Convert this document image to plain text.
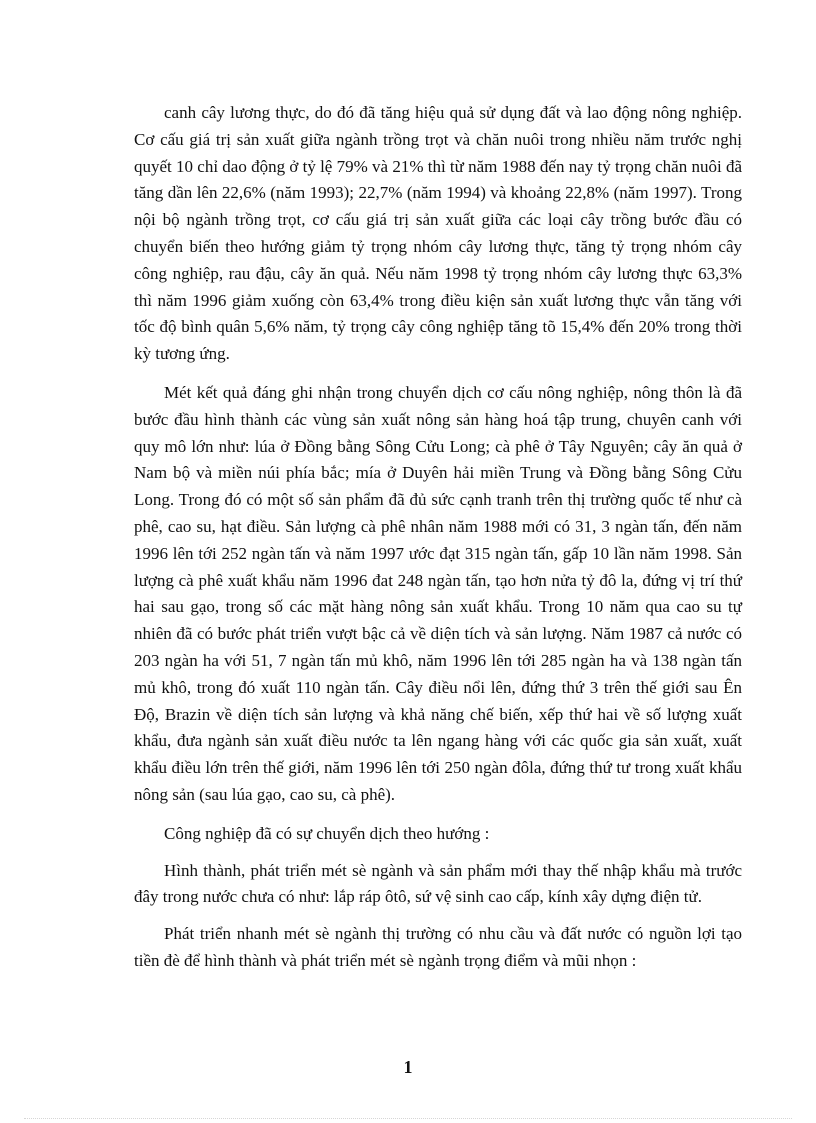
canh cây lương thực, do đó đã tăng hiệu quả sử dụng đất và lao động nông nghiệp. Cơ cấu giá trị sản xuất giữa ngành trồng trọt và chăn nuôi trong nhiều năm trước nghị quyết 10 chỉ dao động ở tỷ lệ 79% và 21% thì từ năm 1988 đến nay tỷ trọng chăn nuôi đã tăng dần lên 22,6% (năm 1993); 22,7% (năm 1994) và khoảng 22,8% (năm 1997). Trong nội bộ ngành trồng trọt, cơ cấu giá trị sản xuất giữa các loại cây trồng bước đầu có chuyển biến theo hướng giảm tỷ trọng nhóm cây lương thực, tăng tỷ trọng nhóm cây công nghiệp, rau đậu, cây ăn quả. Nếu năm 1998 tỷ trọng nhóm cây lương thực 63,3% thì năm 1996 giảm xuống còn 63,4% trong điều kiện sản xuất lương thực vẫn tăng với tốc độ bình quân 5,6% năm, tỷ trọng cây công nghiệp tăng tõ 15,4% đến 20% trong thời kỳ tương ứng.

Mét kết quả đáng ghi nhận trong chuyển dịch cơ cấu nông nghiệp, nông thôn là đã bước đầu hình thành các vùng sản xuất nông sản hàng hoá tập trung, chuyên canh với quy mô lớn như: lúa ở Đồng bằng Sông Cửu Long; cà phê ở Tây Nguyên; cây ăn quả ở Nam bộ và miền núi phía bắc; mía ở Duyên hải miền Trung và Đồng bằng Sông Cửu Long. Trong đó có một số sản phẩm đã đủ sức cạnh tranh trên thị trường quốc tế như cà phê, cao su, hạt điều. Sản lượng cà phê nhân năm 1988 mới có 31, 3 ngàn tấn, đến năm 1996 lên tới 252 ngàn tấn và năm 1997 ước đạt 315 ngàn tấn, gấp 10 lần năm 1998. Sản lượng cà phê xuất khẩu năm 1996 đat 248 ngàn tấn, tạo hơn nửa tỷ đô la, đứng vị trí thứ hai sau gạo, trong số các mặt hàng nông sản xuất khẩu. Trong 10 năm qua cao su tự nhiên đã có bước phát triển vượt bậc cả về diện tích và sản lượng. Năm 1987 cả nước có 203 ngàn ha với 51, 7 ngàn tấn mủ khô, năm 1996 lên tới 285 ngàn ha và 138 ngàn tấn mủ khô, trong đó xuất 110 ngàn tấn. Cây điều nổi lên, đứng thứ 3 trên thế giới sau Ên Độ, Brazin về diện tích sản lượng và khả năng chế biến, xếp thứ hai về số lượng xuất khẩu, đưa ngành sản xuất điều nước ta lên ngang hàng với các quốc gia sản xuất, xuất khẩu điều lớn trên thế giới, năm 1996 lên tới 250 ngàn đôla, đứng thứ tư trong xuất khẩu nông sản (sau lúa gạo, cao su, cà phê).

Công nghiệp đã có sự chuyển dịch theo hướng :

Hình thành, phát triển mét sè ngành và sản phẩm mới thay thế nhập khẩu mà trước đây trong nước chưa có như: lắp ráp ôtô, sứ vệ sinh cao cấp, kính xây dựng điện tử.

Phát triển nhanh mét sè ngành thị trường có nhu cầu và đất nước có nguồn lợi tạo tiền đè để hình thành và phát triển mét sè ngành trọng điểm và mũi nhọn :

1
